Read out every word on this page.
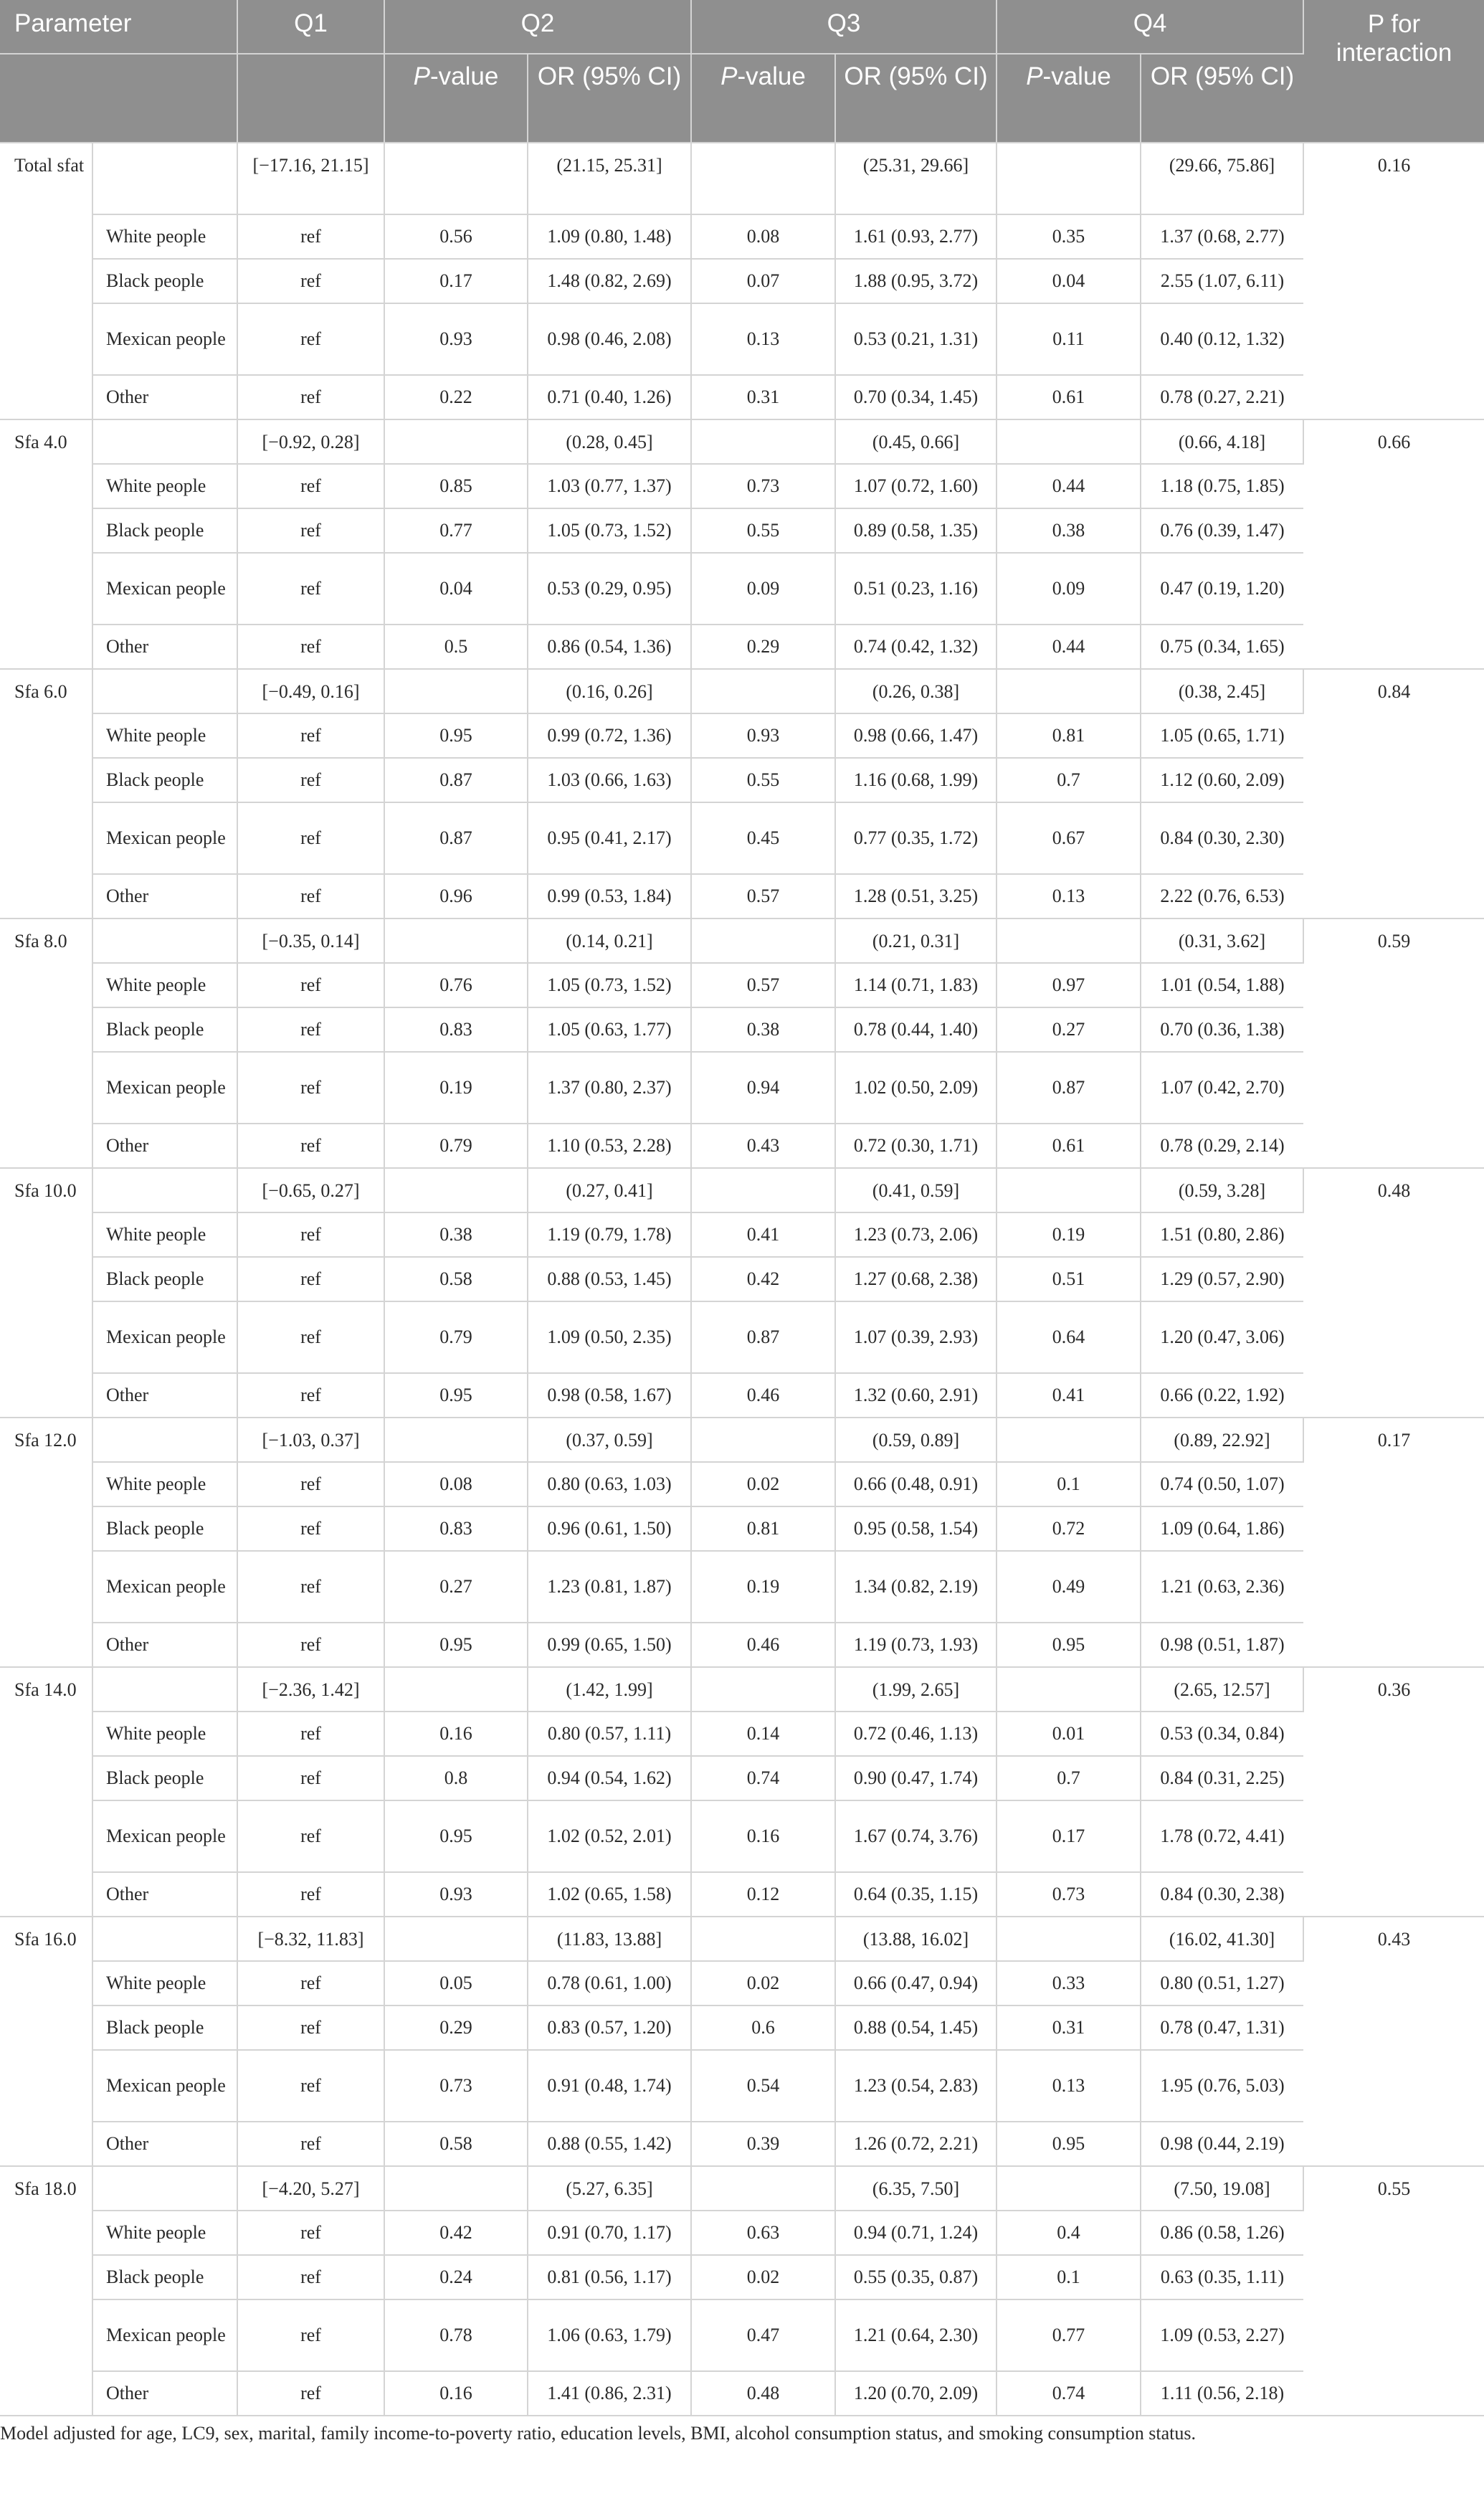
Parameter		Q1	Q2		Q3		Q4		P for interaction
			P-value	OR (95% CI)	P-value	OR (95% CI)	P-value	OR (95% CI)	
Total sfat		[−17.16, 21.15]		(21.15, 25.31]		(25.31, 29.66]		(29.66, 75.86]	0.16
	White people	ref	0.56	1.09 (0.80, 1.48)	0.08	1.61 (0.93, 2.77)	0.35	1.37 (0.68, 2.77)	
	Black people	ref	0.17	1.48 (0.82, 2.69)	0.07	1.88 (0.95, 3.72)	0.04	2.55 (1.07, 6.11)	
	Mexican people	ref	0.93	0.98 (0.46, 2.08)	0.13	0.53 (0.21, 1.31)	0.11	0.40 (0.12, 1.32)	
	Other	ref	0.22	0.71 (0.40, 1.26)	0.31	0.70 (0.34, 1.45)	0.61	0.78 (0.27, 2.21)	
Sfa 4.0		[−0.92, 0.28]		(0.28, 0.45]		(0.45, 0.66]		(0.66, 4.18]	0.66
	White people	ref	0.85	1.03 (0.77, 1.37)	0.73	1.07 (0.72, 1.60)	0.44	1.18 (0.75, 1.85)	
	Black people	ref	0.77	1.05 (0.73, 1.52)	0.55	0.89 (0.58, 1.35)	0.38	0.76 (0.39, 1.47)	
	Mexican people	ref	0.04	0.53 (0.29, 0.95)	0.09	0.51 (0.23, 1.16)	0.09	0.47 (0.19, 1.20)	
	Other	ref	0.5	0.86 (0.54, 1.36)	0.29	0.74 (0.42, 1.32)	0.44	0.75 (0.34, 1.65)	
Sfa 6.0		[−0.49, 0.16]		(0.16, 0.26]		(0.26, 0.38]		(0.38, 2.45]	0.84
	White people	ref	0.95	0.99 (0.72, 1.36)	0.93	0.98 (0.66, 1.47)	0.81	1.05 (0.65, 1.71)	
	Black people	ref	0.87	1.03 (0.66, 1.63)	0.55	1.16 (0.68, 1.99)	0.7	1.12 (0.60, 2.09)	
	Mexican people	ref	0.87	0.95 (0.41, 2.17)	0.45	0.77 (0.35, 1.72)	0.67	0.84 (0.30, 2.30)	
	Other	ref	0.96	0.99 (0.53, 1.84)	0.57	1.28 (0.51, 3.25)	0.13	2.22 (0.76, 6.53)	
Sfa 8.0		[−0.35, 0.14]		(0.14, 0.21]		(0.21, 0.31]		(0.31, 3.62]	0.59
	White people	ref	0.76	1.05 (0.73, 1.52)	0.57	1.14 (0.71, 1.83)	0.97	1.01 (0.54, 1.88)	
	Black people	ref	0.83	1.05 (0.63, 1.77)	0.38	0.78 (0.44, 1.40)	0.27	0.70 (0.36, 1.38)	
	Mexican people	ref	0.19	1.37 (0.80, 2.37)	0.94	1.02 (0.50, 2.09)	0.87	1.07 (0.42, 2.70)	
	Other	ref	0.79	1.10 (0.53, 2.28)	0.43	0.72 (0.30, 1.71)	0.61	0.78 (0.29, 2.14)	
Sfa 10.0		[−0.65, 0.27]		(0.27, 0.41]		(0.41, 0.59]		(0.59, 3.28]	0.48
	White people	ref	0.38	1.19 (0.79, 1.78)	0.41	1.23 (0.73, 2.06)	0.19	1.51 (0.80, 2.86)	
	Black people	ref	0.58	0.88 (0.53, 1.45)	0.42	1.27 (0.68, 2.38)	0.51	1.29 (0.57, 2.90)	
	Mexican people	ref	0.79	1.09 (0.50, 2.35)	0.87	1.07 (0.39, 2.93)	0.64	1.20 (0.47, 3.06)	
	Other	ref	0.95	0.98 (0.58, 1.67)	0.46	1.32 (0.60, 2.91)	0.41	0.66 (0.22, 1.92)	
Sfa 12.0		[−1.03, 0.37]		(0.37, 0.59]		(0.59, 0.89]		(0.89, 22.92]	0.17
	White people	ref	0.08	0.80 (0.63, 1.03)	0.02	0.66 (0.48, 0.91)	0.1	0.74 (0.50, 1.07)	
	Black people	ref	0.83	0.96 (0.61, 1.50)	0.81	0.95 (0.58, 1.54)	0.72	1.09 (0.64, 1.86)	
	Mexican people	ref	0.27	1.23 (0.81, 1.87)	0.19	1.34 (0.82, 2.19)	0.49	1.21 (0.63, 2.36)	
	Other	ref	0.95	0.99 (0.65, 1.50)	0.46	1.19 (0.73, 1.93)	0.95	0.98 (0.51, 1.87)	
Sfa 14.0		[−2.36, 1.42]		(1.42, 1.99]		(1.99, 2.65]		(2.65, 12.57]	0.36
	White people	ref	0.16	0.80 (0.57, 1.11)	0.14	0.72 (0.46, 1.13)	0.01	0.53 (0.34, 0.84)	
	Black people	ref	0.8	0.94 (0.54, 1.62)	0.74	0.90 (0.47, 1.74)	0.7	0.84 (0.31, 2.25)	
	Mexican people	ref	0.95	1.02 (0.52, 2.01)	0.16	1.67 (0.74, 3.76)	0.17	1.78 (0.72, 4.41)	
	Other	ref	0.93	1.02 (0.65, 1.58)	0.12	0.64 (0.35, 1.15)	0.73	0.84 (0.30, 2.38)	
Sfa 16.0		[−8.32, 11.83]		(11.83, 13.88]		(13.88, 16.02]		(16.02, 41.30]	0.43
	White people	ref	0.05	0.78 (0.61, 1.00)	0.02	0.66 (0.47, 0.94)	0.33	0.80 (0.51, 1.27)	
	Black people	ref	0.29	0.83 (0.57, 1.20)	0.6	0.88 (0.54, 1.45)	0.31	0.78 (0.47, 1.31)	
	Mexican people	ref	0.73	0.91 (0.48, 1.74)	0.54	1.23 (0.54, 2.83)	0.13	1.95 (0.76, 5.03)	
	Other	ref	0.58	0.88 (0.55, 1.42)	0.39	1.26 (0.72, 2.21)	0.95	0.98 (0.44, 2.19)	
Sfa 18.0		[−4.20, 5.27]		(5.27, 6.35]		(6.35, 7.50]		(7.50, 19.08]	0.55
	White people	ref	0.42	0.91 (0.70, 1.17)	0.63	0.94 (0.71, 1.24)	0.4	0.86 (0.58, 1.26)	
	Black people	ref	0.24	0.81 (0.56, 1.17)	0.02	0.55 (0.35, 0.87)	0.1	0.63 (0.35, 1.11)	
	Mexican people	ref	0.78	1.06 (0.63, 1.79)	0.47	1.21 (0.64, 2.30)	0.77	1.09 (0.53, 2.27)	
	Other	ref	0.16	1.41 (0.86, 2.31)	0.48	1.20 (0.70, 2.09)	0.74	1.11 (0.56, 2.18)	
Model adjusted for age, LC9, sex, marital, family income-to-poverty ratio, education levels, BMI, alcohol consumption status, and smoking consumption status.
